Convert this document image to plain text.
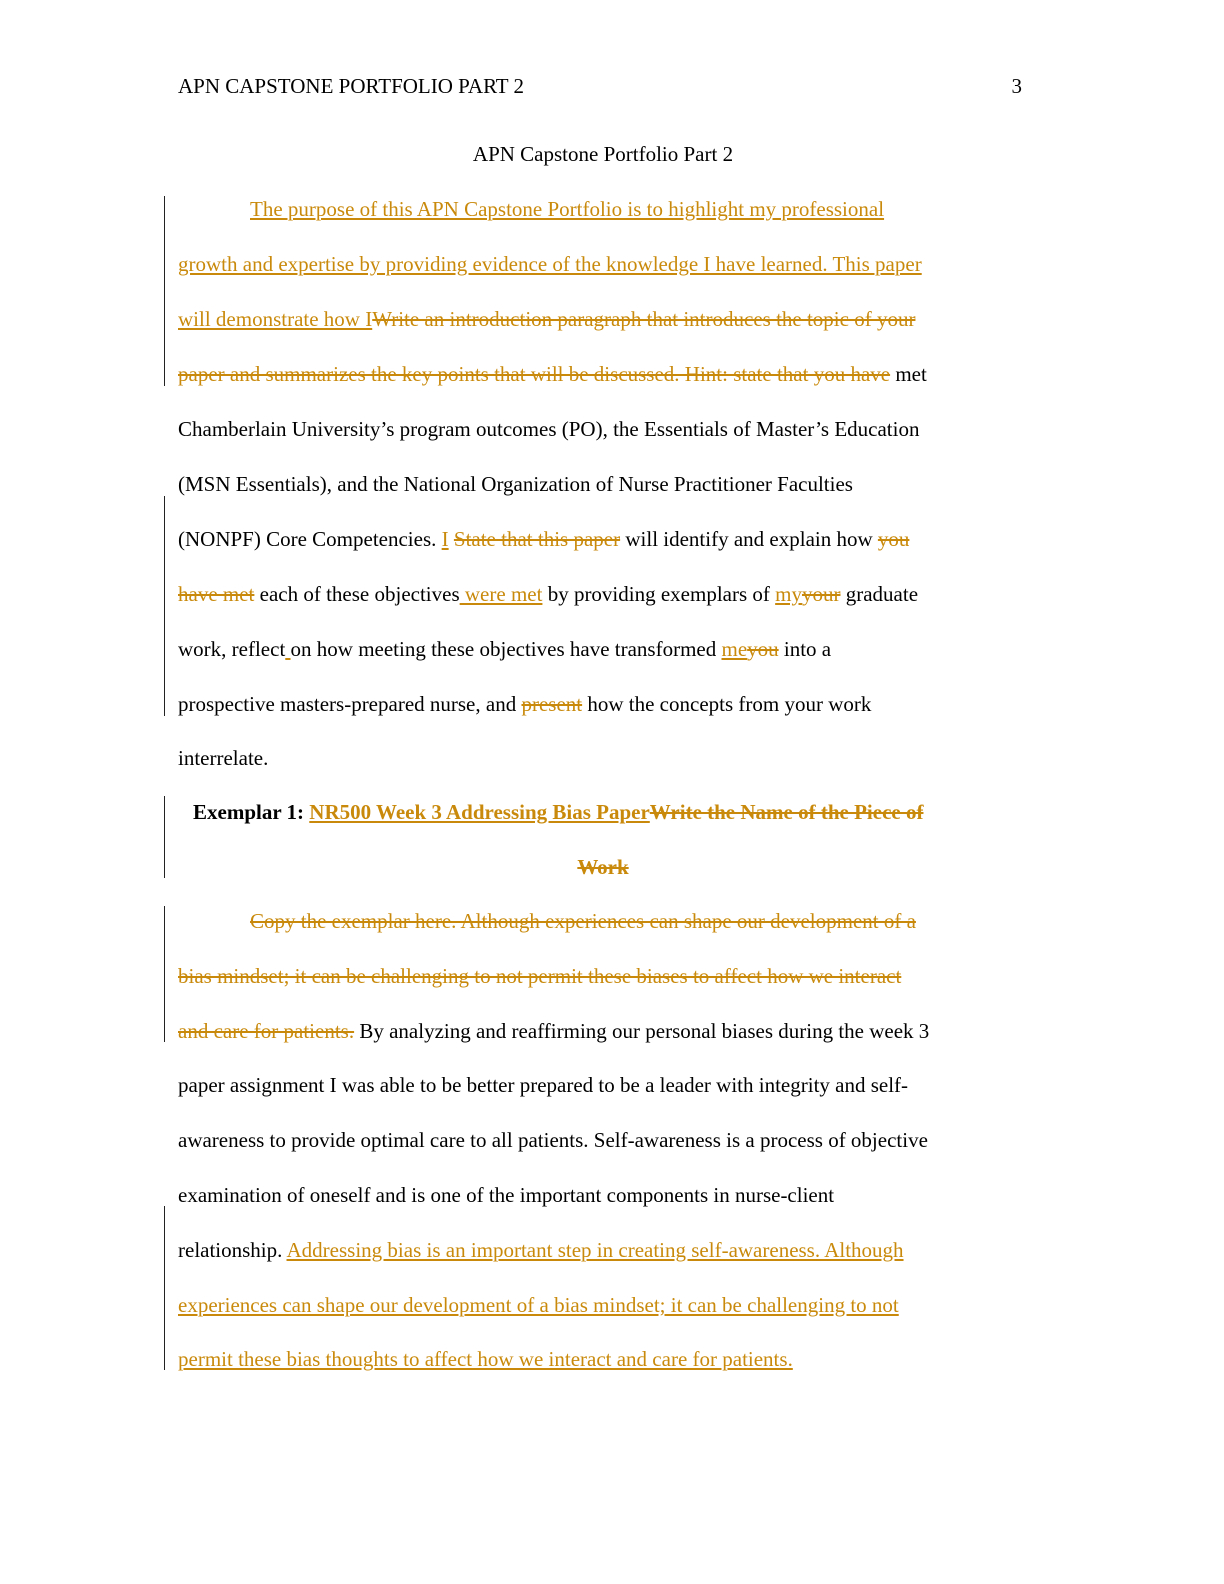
APN CAPSTONE PORTFOLIO PART 2	3
APN Capstone Portfolio Part 2
The purpose of this APN Capstone Portfolio is to highlight my professional
growth and expertise by providing evidence of the knowledge I have learned. This paper
will demonstrate how IWrite an introduction paragraph that introduces the topic of your
paper and summarizes the key points that will be discussed. Hint: state that you have met
Chamberlain University’s program outcomes (PO), the Essentials of Master’s Education
(MSN Essentials), and the National Organization of Nurse Practitioner Faculties
(NONPF) Core Competencies. I State that this paper will identify and explain how you
have met each of these objectives were met by providing exemplars of myyour graduate
work, reflect on how meeting these objectives have transformed meyou into a
prospective masters-prepared nurse, and present how the concepts from your work
interrelate.
Exemplar 1: NR500 Week 3 Addressing Bias PaperWrite the Name of the Piece of
Work
Copy the exemplar here. Although experiences can shape our development of a
bias mindset; it can be challenging to not permit these biases to affect how we interact
and care for patients. By analyzing and reaffirming our personal biases during the week 3
paper assignment I was able to be better prepared to be a leader with integrity and self-
awareness to provide optimal care to all patients. Self-awareness is a process of objective
examination of oneself and is one of the important components in nurse-client
relationship. Addressing bias is an important step in creating self-awareness. Although
experiences can shape our development of a bias mindset; it can be challenging to not
permit these bias thoughts to affect how we interact and care for patients.
